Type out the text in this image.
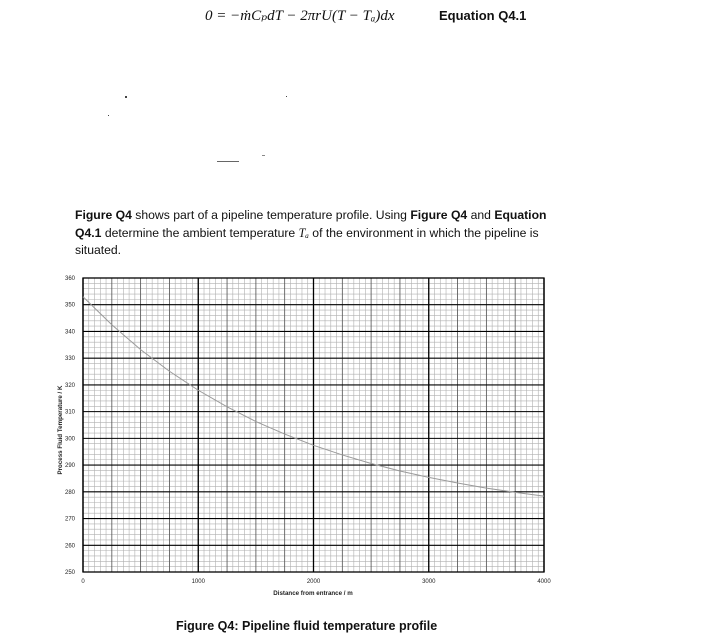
0 = −ṁCₚdT − 2πrU(T − Tₐ)dx	Equation Q4.1
Figure Q4 shows part of a pipeline temperature profile. Using Figure Q4 and Equation Q4.1 determine the ambient temperature Tₐ of the environment in which the pipeline is situated.
250
260
270
280
290
300
310
320
330
340
350
360
0	1000	2000	3000	4000
Distance from entrance / m
Process Fluid Temperature / K
Figure Q4: Pipeline fluid temperature profile
